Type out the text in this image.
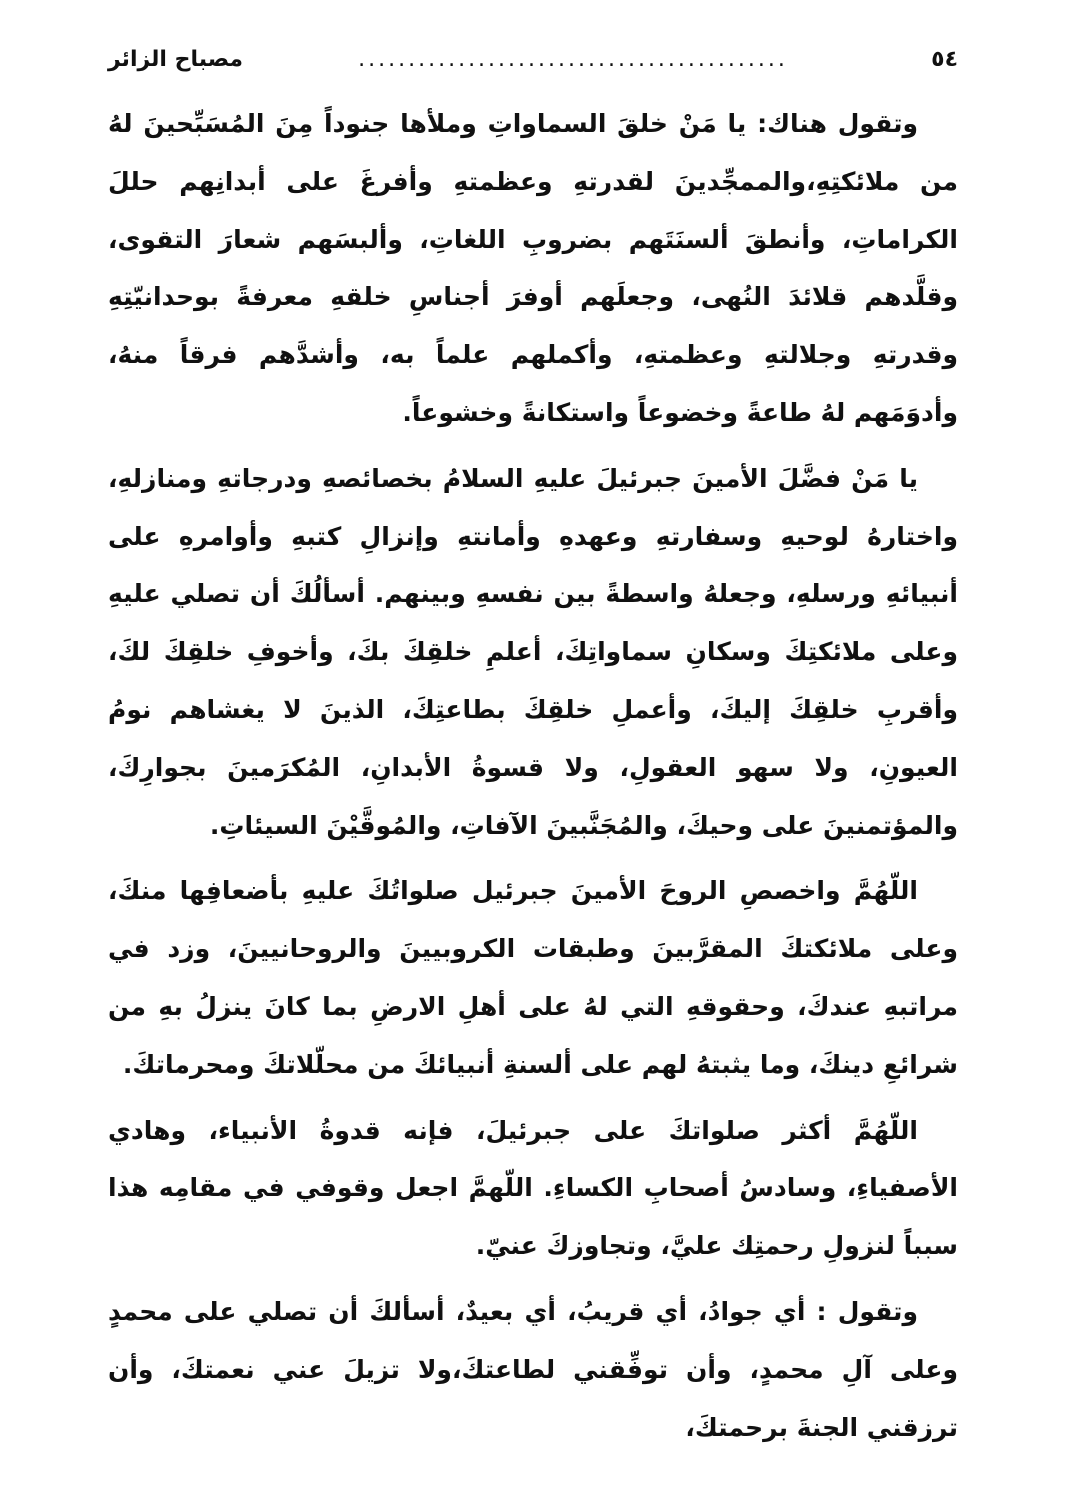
٥٤
...........................................
مصباح الزائر

وتقول هناك: يا مَنْ خلقَ السماواتِ وملأها جنوداً مِنَ المُسَبِّحينَ لهُ من ملائكتِهِ،والممجِّدينَ لقدرتهِ وعظمتهِ وأفرغَ على أبدانِهم حللَ الكراماتِ، وأنطقَ ألسنَتَهم بضروبِ اللغاتِ، وألبسَهم شعارَ التقوى، وقلَّدهم قلائدَ النُهى، وجعلَهم أوفرَ أجناسِ خلقهِ معرفةً بوحدانيّتِهِ وقدرتهِ وجلالتهِ وعظمتهِ، وأكملهم علماً به، وأشدَّهم فرقاً منهُ، وأدوَمَهم لهُ طاعةً وخضوعاً واستكانةً وخشوعاً.

يا مَنْ فضَّلَ الأمينَ جبرئيلَ عليهِ السلامُ بخصائصهِ ودرجاتهِ ومنازلهِ، واختارهُ لوحيهِ وسفارتهِ وعهدهِ وأمانتهِ وإنزالِ كتبهِ وأوامرهِ على أنبيائهِ ورسلهِ، وجعلهُ واسطةً بين نفسهِ وبينهم. أسألُكَ أن تصلي عليهِ وعلى ملائكتِكَ وسكانِ سماواتِكَ، أعلمِ خلقِكَ بكَ، وأخوفِ خلقِكَ لكَ، وأقربِ خلقِكَ إليكَ، وأعملِ خلقِكَ بطاعتِكَ، الذينَ لا يغشاهم نومُ العيونِ، ولا سهو العقولِ، ولا قسوةُ الأبدانِ، المُكرَمينَ بجوارِكَ، والمؤتمنينَ على وحيكَ، والمُجَنَّبينَ الآفاتِ، والمُوقَّيْنَ السيئاتِ.

اللّهُمَّ واخصصِ الروحَ الأمينَ جبرئيل صلواتُكَ عليهِ بأضعافِها منكَ، وعلى ملائكتكَ المقرَّبينَ وطبقات الكروبيينَ والروحانيينَ، وزد في مراتبهِ عندكَ، وحقوقهِ التي لهُ على أهلِ الارضِ بما كانَ ينزلُ بهِ من شرائعِ دينكَ، وما يثبتهُ لهم على ألسنةِ أنبيائكَ من محلّلاتكَ ومحرماتكَ.

اللّهُمَّ أكثر صلواتكَ على جبرئيلَ، فإنه قدوةُ الأنبياء، وهادي الأصفياءِ، وسادسُ أصحابِ الكساءِ. اللّهمَّ اجعل وقوفي في مقامِه هذا سبباً لنزولِ رحمتِك عليَّ، وتجاوزكَ عنيّ.

وتقول : أي جوادُ، أي قريبُ، أي بعيدٌ، أسألكَ أن تصلي على محمدٍ وعلى آلِ محمدٍ، وأن توفِّقني لطاعتكَ،ولا تزيلَ عني نعمتكَ، وأن ترزقني الجنةَ برحمتكَ،
